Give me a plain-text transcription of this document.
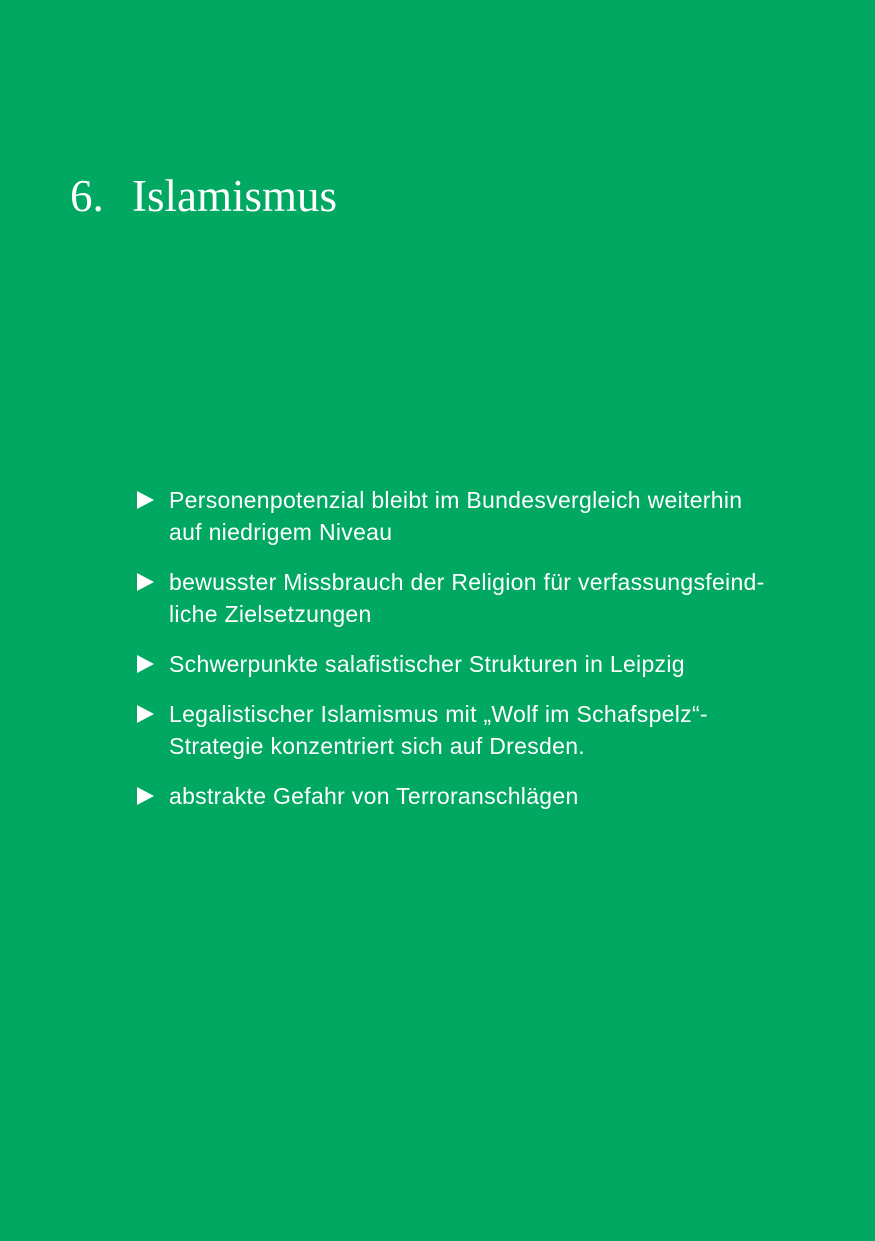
6. Islamismus
Personenpotenzial bleibt im Bundesvergleich weiterhin
auf niedrigem Niveau
bewusster Missbrauch der Religion für verfassungsfeind-
liche Zielsetzungen
Schwerpunkte salafistischer Strukturen in Leipzig
Legalistischer Islamismus mit „Wolf im Schafspelz“-
Strategie konzentriert sich auf Dresden.
abstrakte Gefahr von Terroranschlägen
